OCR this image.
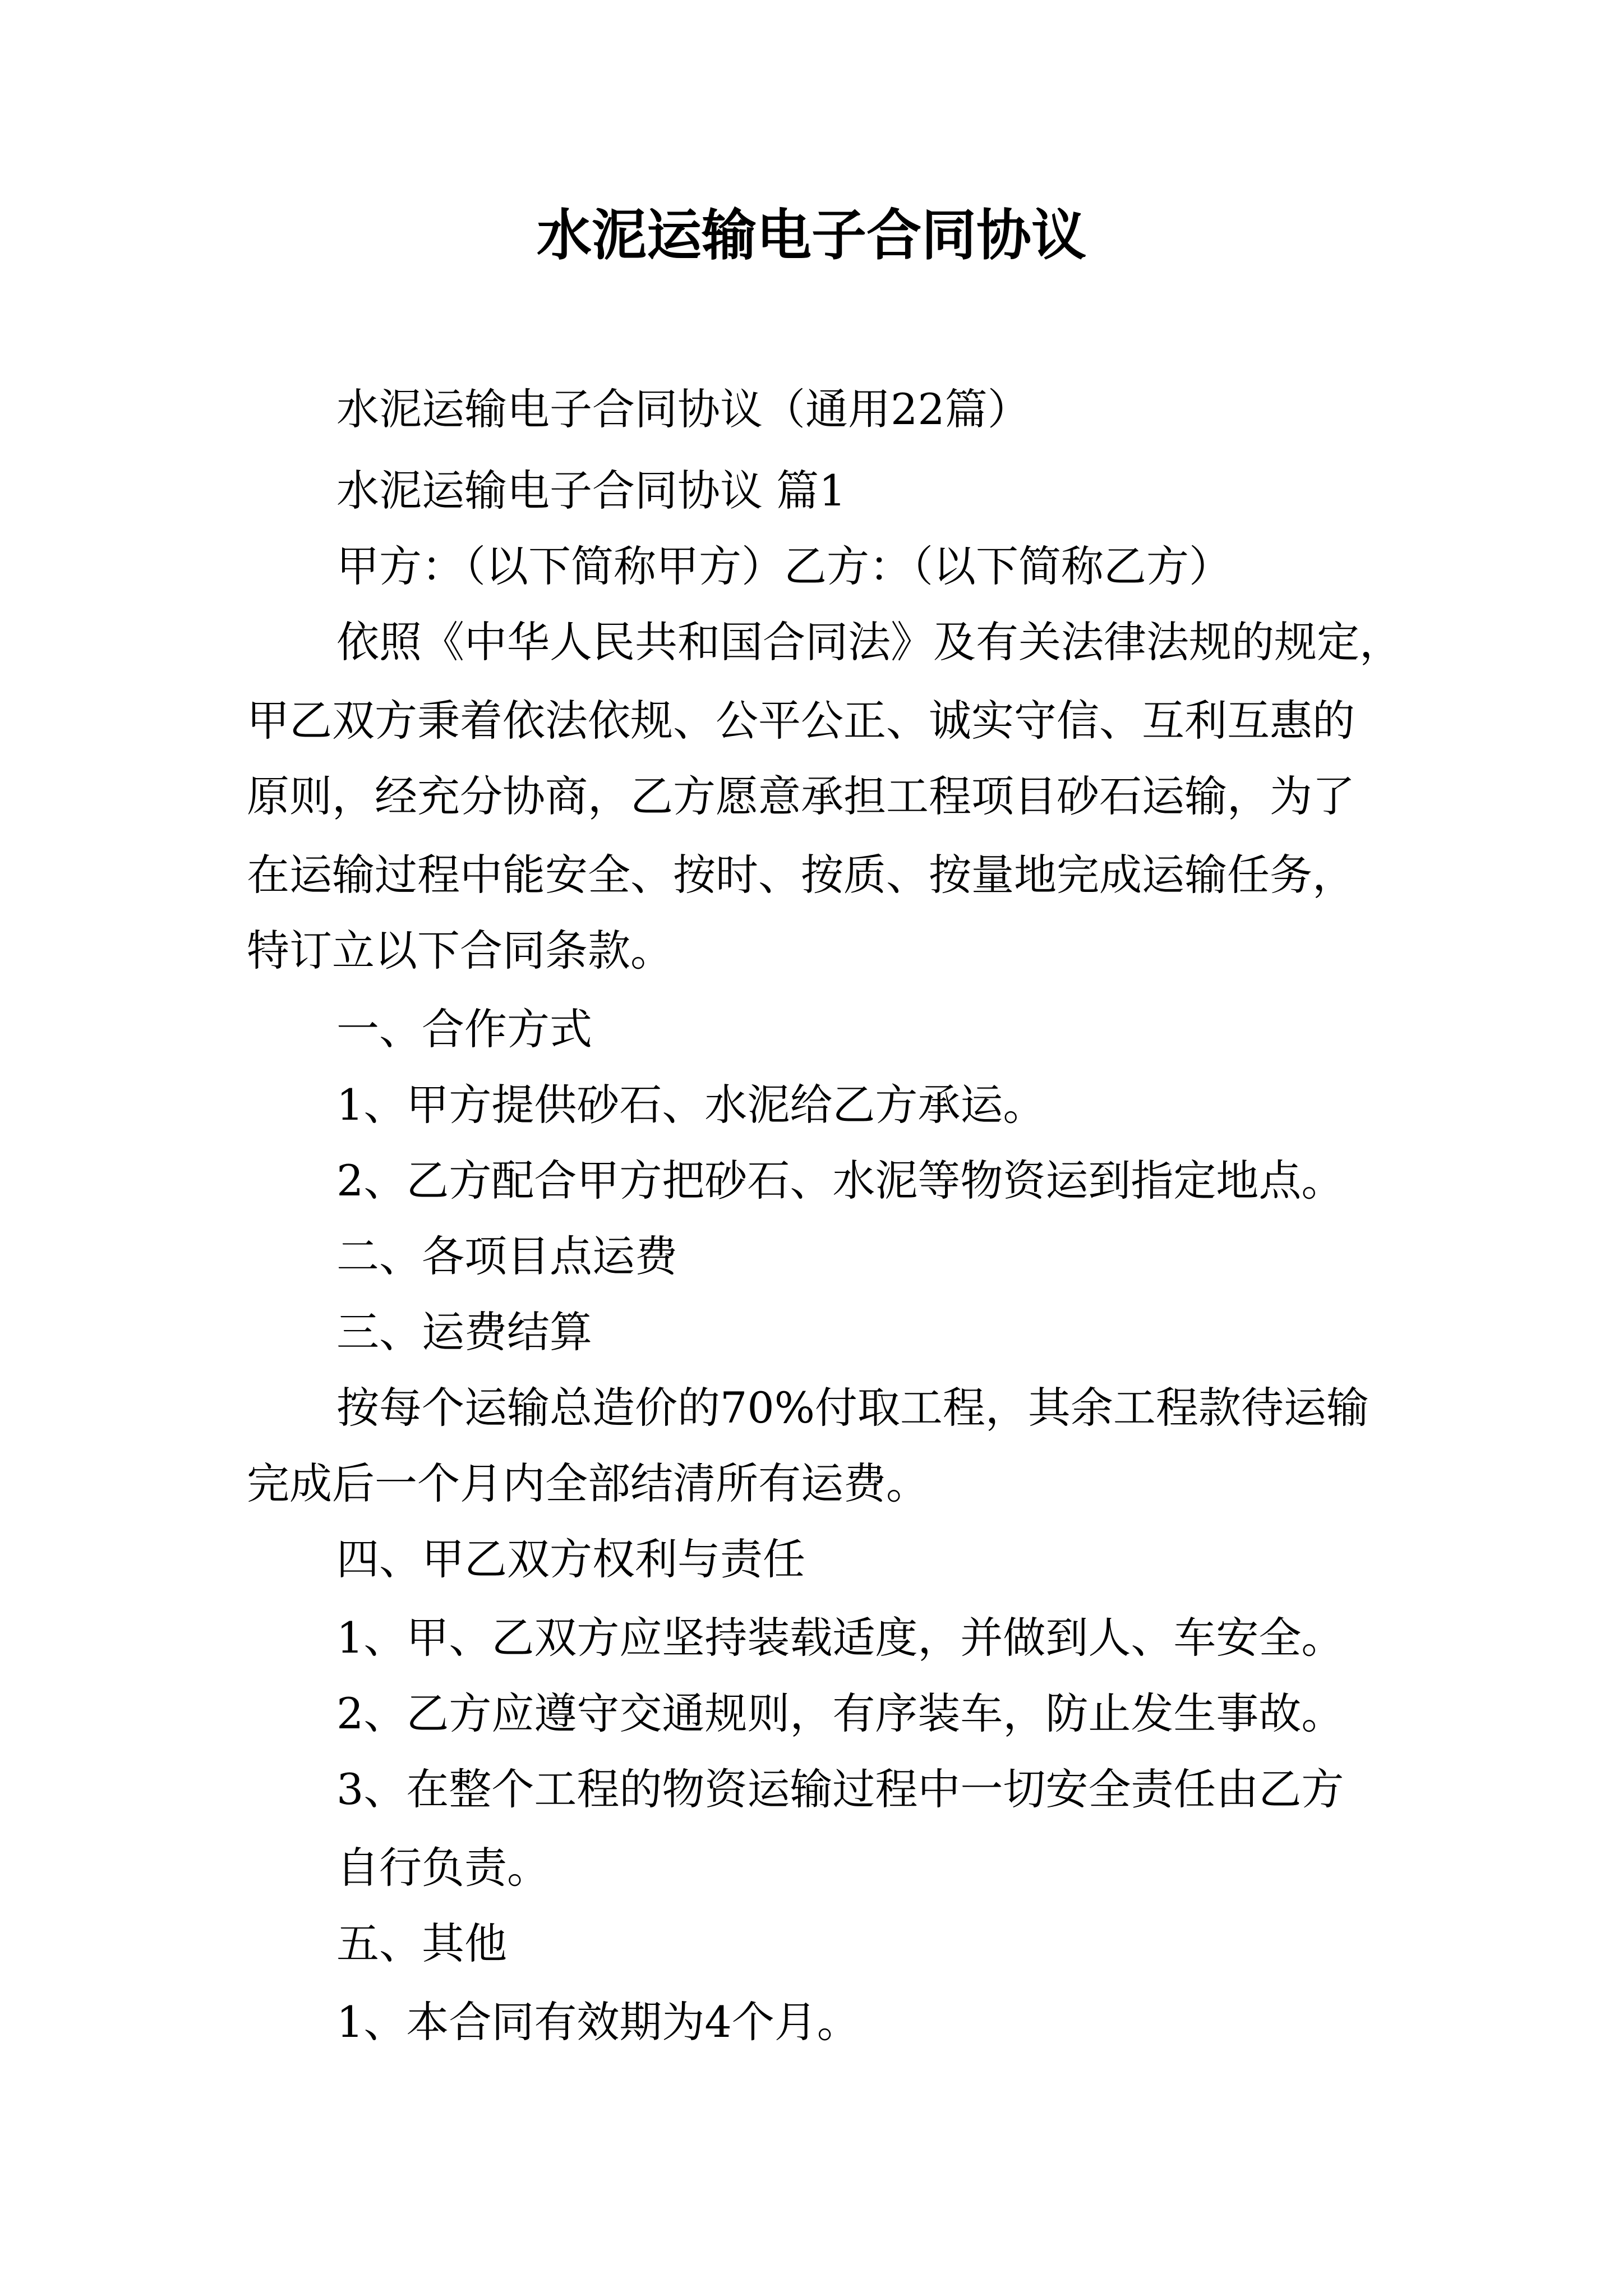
水泥运输电子合同协议
水泥运输电子合同协议（通用22篇）
水泥运输电子合同协议 篇1
甲方：（以下简称甲方）乙方：（以下简称乙方）
依照《中华人民共和国合同法》及有关法律法规的规定，
甲乙双方秉着依法依规、公平公正、诚实守信、互利互惠的
原则，经充分协商，乙方愿意承担工程项目砂石运输，为了
在运输过程中能安全、按时、按质、按量地完成运输任务，
特订立以下合同条款。
一、合作方式
1、甲方提供砂石、水泥给乙方承运。
2、乙方配合甲方把砂石、水泥等物资运到指定地点。
二、各项目点运费
三、运费结算
按每个运输总造价的70%付取工程，其余工程款待运输
完成后一个月内全部结清所有运费。
四、甲乙双方权利与责任
1、甲、乙双方应坚持装载适度，并做到人、车安全。
2、乙方应遵守交通规则，有序装车，防止发生事故。
3、在整个工程的物资运输过程中一切安全责任由乙方
自行负责。
五、其他
1、本合同有效期为4个月。
